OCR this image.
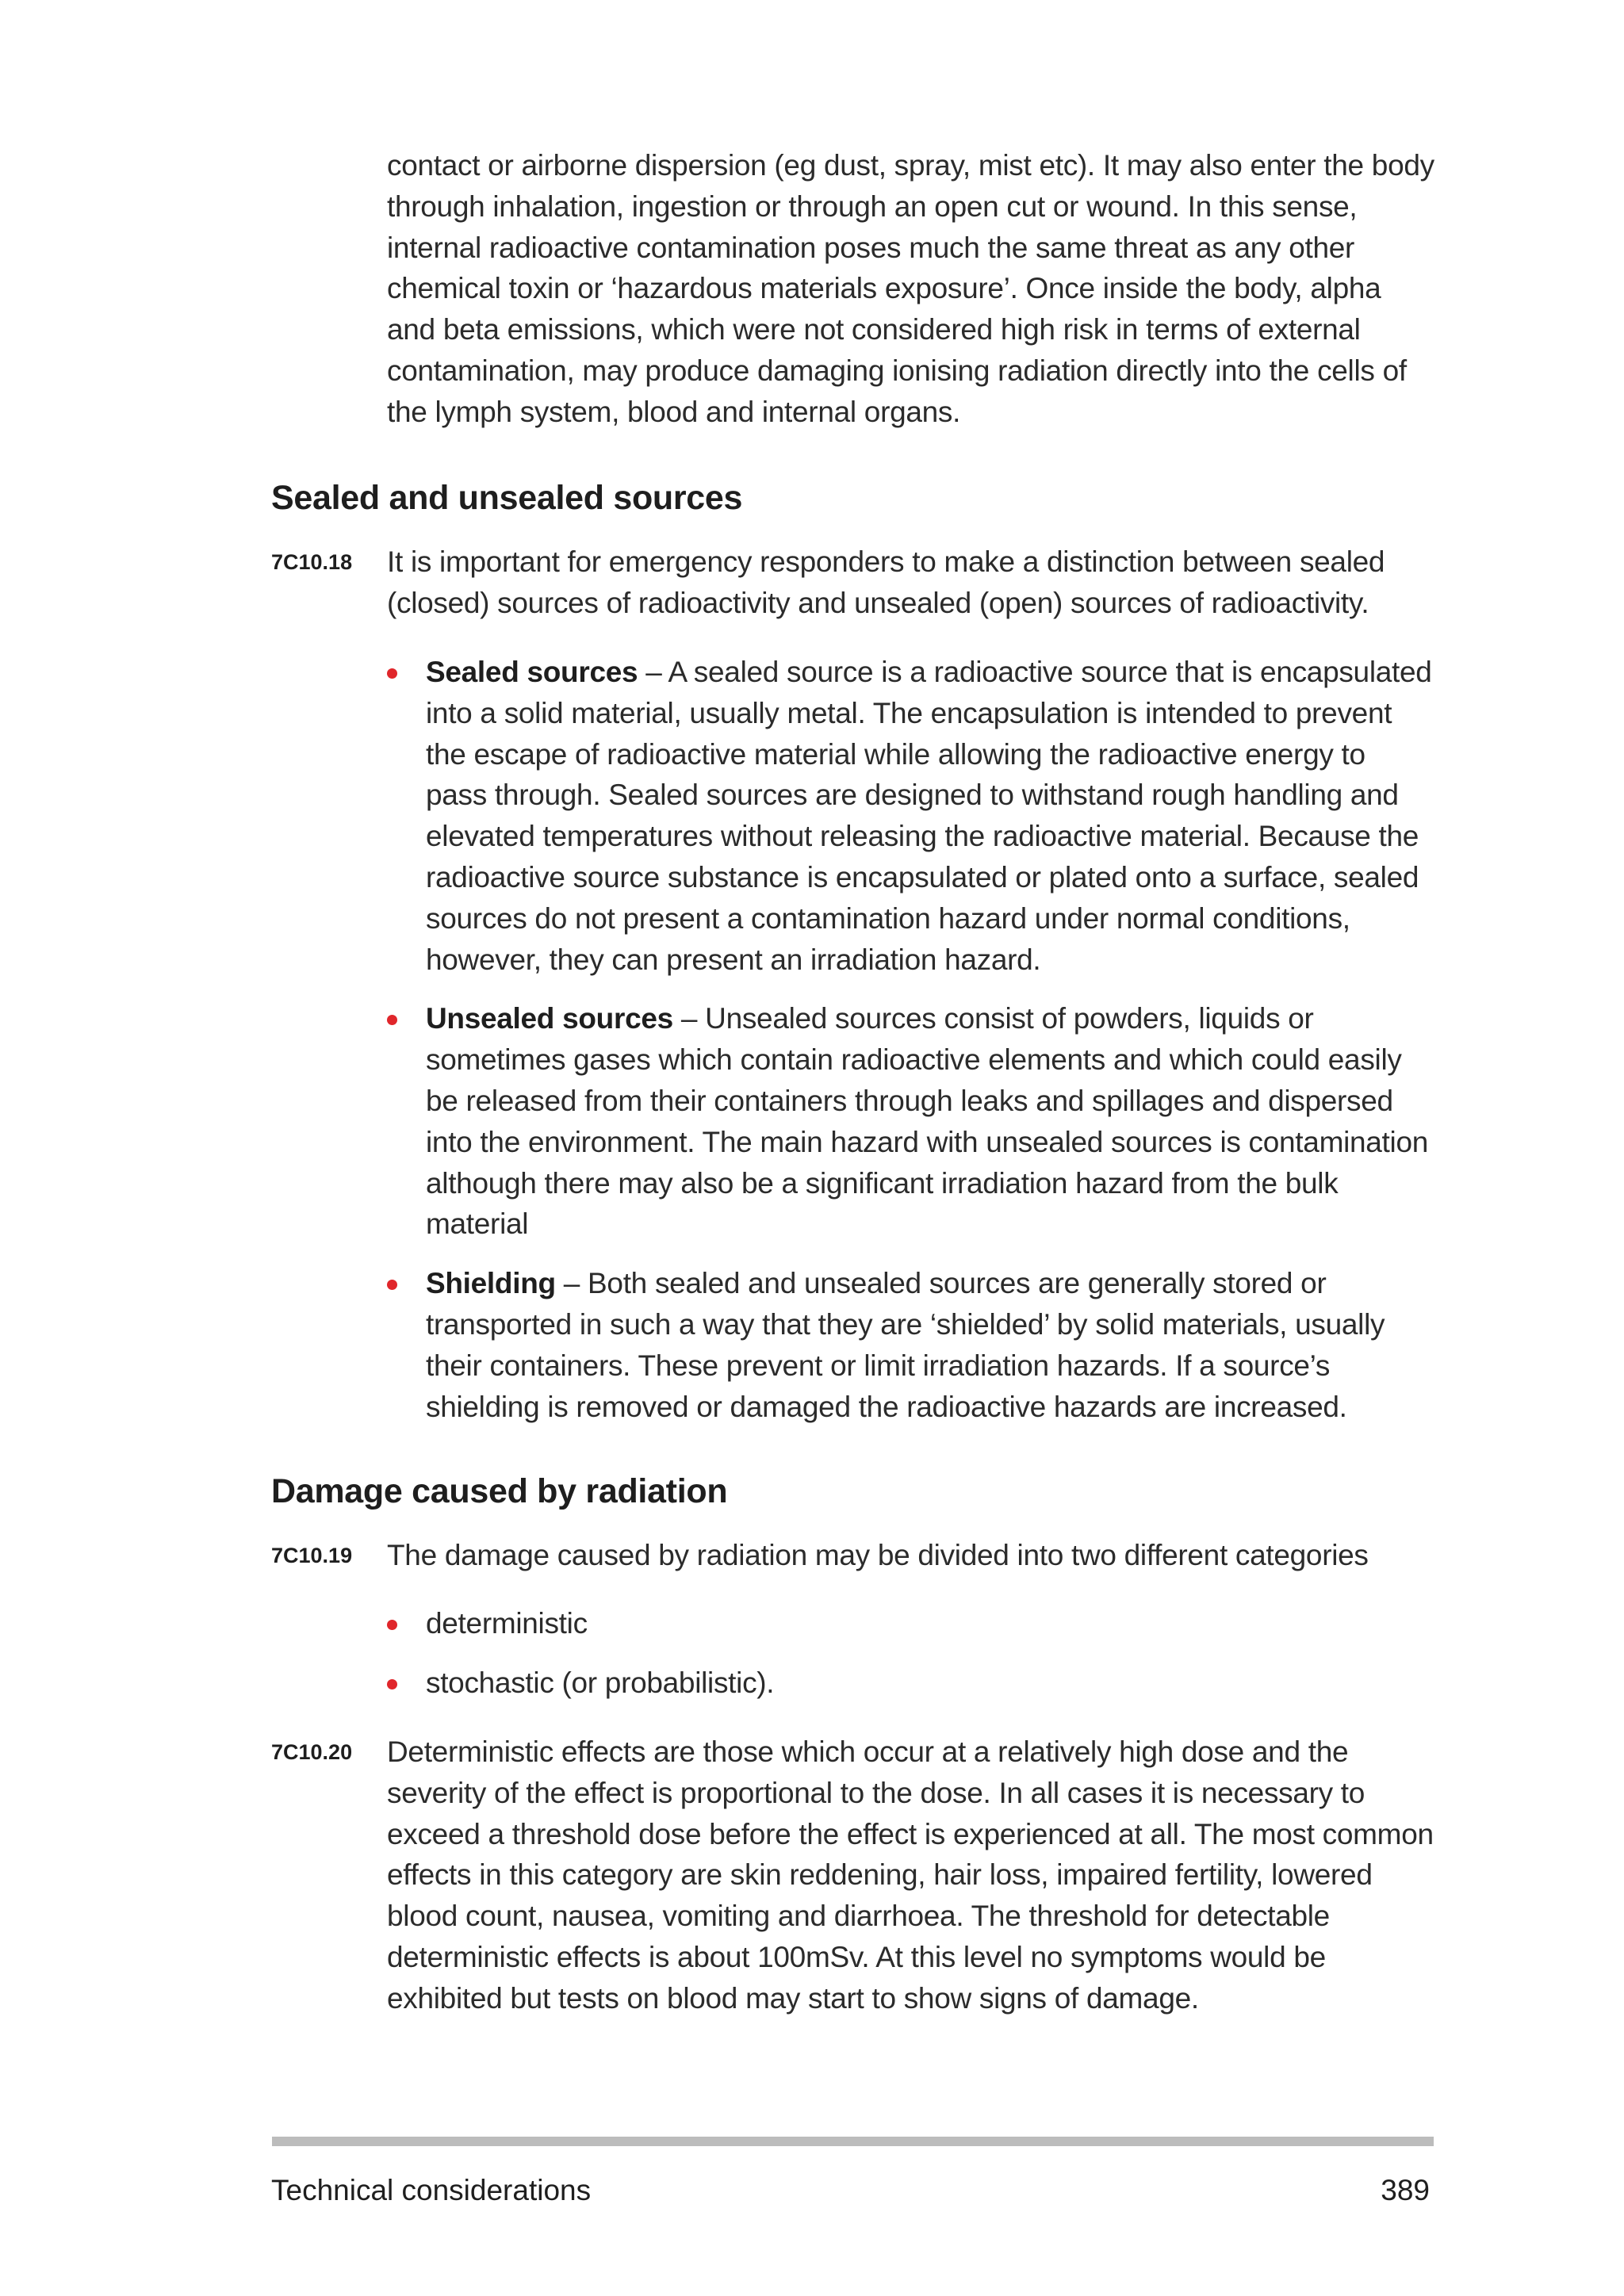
contact or airborne dispersion (eg dust, spray, mist etc). It may also enter the body through inhalation, ingestion or through an open cut or wound. In this sense, internal radioactive contamination poses much the same threat as any other chemical toxin or ‘hazardous materials exposure’. Once inside the body, alpha and beta emissions, which were not considered high risk in terms of external contamination, may produce damaging ionising radiation directly into the cells of the lymph system, blood and internal organs.

Sealed and unsealed sources
7C10.18 It is important for emergency responders to make a distinction between sealed (closed) sources of radioactivity and unsealed (open) sources of radioactivity.

Sealed sources – A sealed source is a radioactive source that is encapsulated into a solid material, usually metal. The encapsulation is intended to prevent the escape of radioactive material while allowing the radioactive energy to pass through. Sealed sources are designed to withstand rough handling and elevated temperatures without releasing the radioactive material. Because the radioactive source substance is encapsulated or plated onto a surface, sealed sources do not present a contamination hazard under normal conditions, however, they can present an irradiation hazard.
Unsealed sources – Unsealed sources consist of powders, liquids or sometimes gases which contain radioactive elements and which could easily be released from their containers through leaks and spillages and dispersed into the environment. The main hazard with unsealed sources is contamination although there may also be a significant irradiation hazard from the bulk material
Shielding – Both sealed and unsealed sources are generally stored or transported in such a way that they are ‘shielded’ by solid materials, usually their containers. These prevent or limit irradiation hazards. If a source’s shielding is removed or damaged the radioactive hazards are increased.
Damage caused by radiation
7C10.19 The damage caused by radiation may be divided into two different categories

deterministic
stochastic (or probabilistic).
7C10.20 Deterministic effects are those which occur at a relatively high dose and the severity of the effect is proportional to the dose. In all cases it is necessary to exceed a threshold dose before the effect is experienced at all. The most common effects in this category are skin reddening, hair loss, impaired fertility, lowered blood count, nausea, vomiting and diarrhoea. The threshold for detectable deterministic effects is about 100mSv. At this level no symptoms would be exhibited but tests on blood may start to show signs of damage.

Technical considerations	389
